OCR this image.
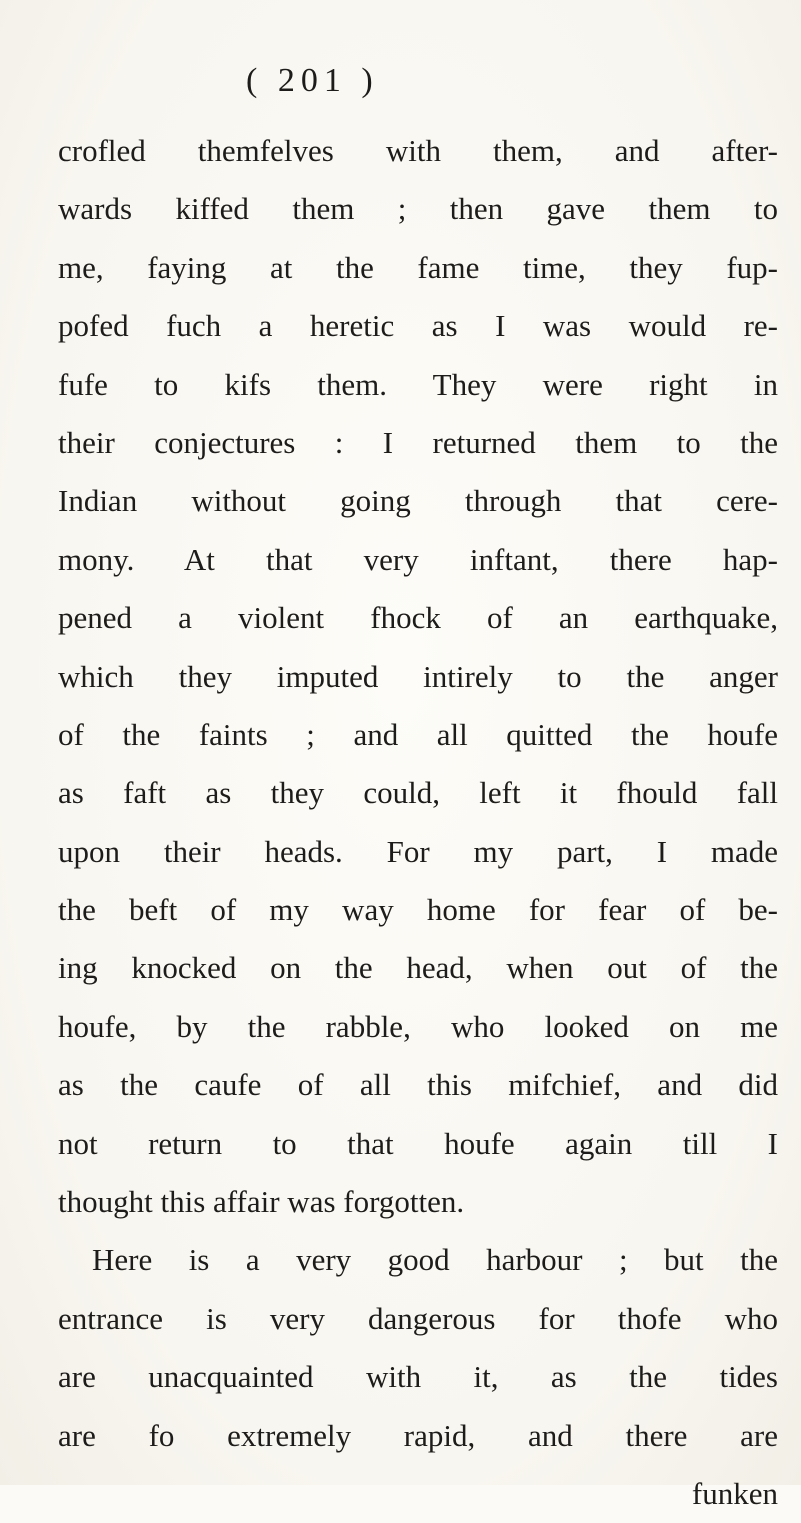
( 201 )
crofled themfelves with them, and after-
wards kiffed them ; then gave them to
me, faying at the fame time, they fup-
pofed fuch a heretic as I was would re-
fufe to kifs them. They were right in
their conjectures : I returned them to the
Indian without going through that cere-
mony. At that very inftant, there hap-
pened a violent fhock of an earthquake,
which they imputed intirely to the anger
of the faints ; and all quitted the houfe
as faft as they could, left it fhould fall
upon their heads. For my part, I made
the beft of my way home for fear of be-
ing knocked on the head, when out of the
houfe, by the rabble, who looked on me
as the caufe of all this mifchief, and did
not return to that houfe again till I
thought this affair was forgotten.
Here is a very good harbour ; but the
entrance is very dangerous for thofe who
are unacquainted with it, as the tides
are fo extremely rapid, and there are
funken
